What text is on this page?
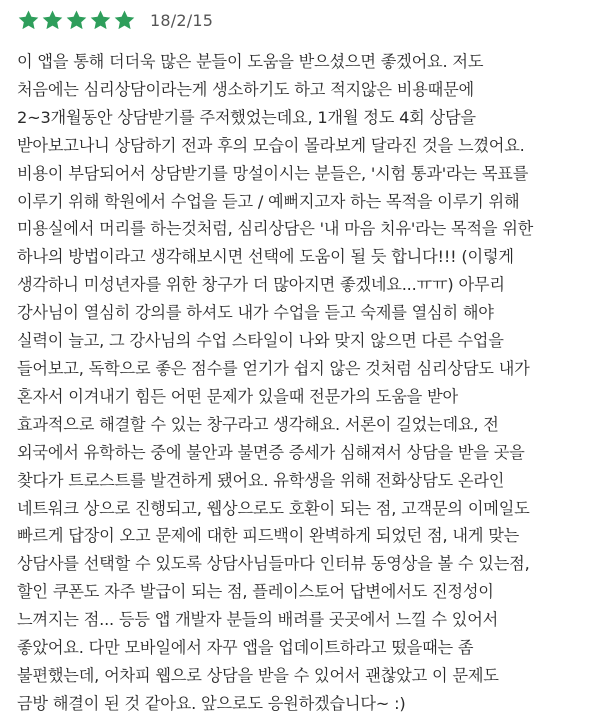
18/2/15
이 앱을 통해 더더욱 많은 분들이 도움을 받으셨으면 좋겠어요. 저도
처음에는 심리상담이라는게 생소하기도 하고 적지않은 비용때문에
2~3개월동안 상담받기를 주저했었는데요, 1개월 정도 4회 상담을
받아보고나니 상담하기 전과 후의 모습이 몰라보게 달라진 것을 느꼈어요.
비용이 부담되어서 상담받기를 망설이시는 분들은, '시험 통과'라는 목표를
이루기 위해 학원에서 수업을 듣고 / 예뻐지고자 하는 목적을 이루기 위해
미용실에서 머리를 하는것처럼, 심리상담은 '내 마음 치유'라는 목적을 위한
하나의 방법이라고 생각해보시면 선택에 도움이 될 듯 합니다!!! (이렇게
생각하니 미성년자를 위한 창구가 더 많아지면 좋겠네요...ㅠㅠ) 아무리
강사님이 열심히 강의를 하셔도 내가 수업을 듣고 숙제를 열심히 해야
실력이 늘고, 그 강사님의 수업 스타일이 나와 맞지 않으면 다른 수업을
들어보고, 독학으로 좋은 점수를 얻기가 쉽지 않은 것처럼 심리상담도 내가
혼자서 이겨내기 힘든 어떤 문제가 있을때 전문가의 도움을 받아
효과적으로 해결할 수 있는 창구라고 생각해요. 서론이 길었는데요, 전
외국에서 유학하는 중에 불안과 불면증 증세가 심해져서 상담을 받을 곳을
찾다가 트로스트를 발견하게 됐어요. 유학생을 위해 전화상담도 온라인
네트워크 상으로 진행되고, 웹상으로도 호환이 되는 점, 고객문의 이메일도
빠르게 답장이 오고 문제에 대한 피드백이 완벽하게 되었던 점, 내게 맞는
상담사를 선택할 수 있도록 상담사님들마다 인터뷰 동영상을 볼 수 있는점,
할인 쿠폰도 자주 발급이 되는 점, 플레이스토어 답변에서도 진정성이
느껴지는 점... 등등 앱 개발자 분들의 배려를 곳곳에서 느낄 수 있어서
좋았어요. 다만 모바일에서 자꾸 앱을 업데이트하라고 떴을때는 좀
불편했는데, 어차피 웹으로 상담을 받을 수 있어서 괜찮았고 이 문제도
금방 해결이 된 것 같아요. 앞으로도 응원하겠습니다~ :)
